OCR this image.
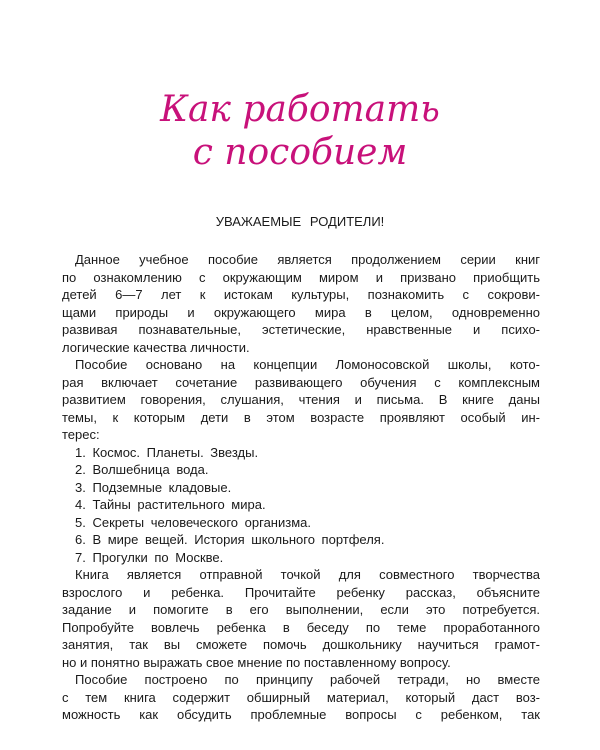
Как работать
с пособием
УВАЖАЕМЫЕ РОДИТЕЛИ!
Данное учебное пособие является продолжением серии книг
по ознакомлению с окружающим миром и призвано приобщить
детей 6—7 лет к истокам культуры, познакомить с сокрови-
щами природы и окружающего мира в целом, одновременно
развивая познавательные, эстетические, нравственные и психо-
логические качества личности.
Пособие основано на концепции Ломоносовской школы, кото-
рая включает сочетание развивающего обучения с комплексным
развитием говорения, слушания, чтения и письма. В книге даны
темы, к которым дети в этом возрасте проявляют особый ин-
терес:
1. Космос. Планеты. Звезды.
2. Волшебница вода.
3. Подземные кладовые.
4. Тайны растительного мира.
5. Секреты человеческого организма.
6. В мире вещей. История школьного портфеля.
7. Прогулки по Москве.
Книга является отправной точкой для совместного творчества
взрослого и ребенка. Прочитайте ребенку рассказ, объясните
задание и помогите в его выполнении, если это потребуется.
Попробуйте вовлечь ребенка в беседу по теме проработанного
занятия, так вы сможете помочь дошкольнику научиться грамот-
но и понятно выражать свое мнение по поставленному вопросу.
Пособие построено по принципу рабочей тетради, но вместе
с тем книга содержит обширный материал, который даст воз-
можность как обсудить проблемные вопросы с ребенком, так
